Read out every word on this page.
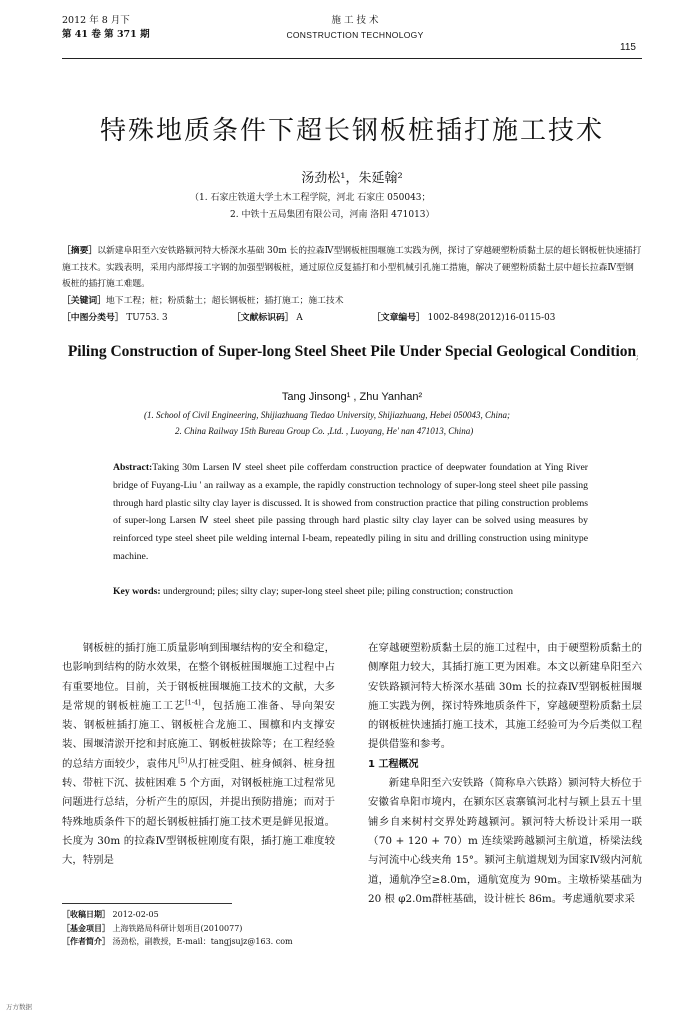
2012 年 8 月下
第 41 卷 第 371 期
施 工 技 术
CONSTRUCTION TECHNOLOGY
115
特殊地质条件下超长钢板桩插打施工技术
汤劲松¹，朱延翰²
（1. 石家庄铁道大学土木工程学院，河北 石家庄 050043；
2. 中铁十五局集团有限公司，河南 洛阳 471013）
［摘要］以新建阜阳至六安铁路颍河特大桥深水基础 30m 长的拉森Ⅳ型钢板桩围堰施工实践为例，探讨了穿越硬塑粉质黏土层的超长钢板桩快速插打施工技术。实践表明，采用内部焊接工字钢的加强型钢板桩，通过原位反复插打和小型机械引孔施工措施，解决了硬塑粉质黏土层中超长拉森Ⅳ型钢板桩的插打施工难题。
［关键词］地下工程；桩；粉质黏土；超长钢板桩；插打施工；施工技术
［中图分类号］ TU753. 3	［文献标识码］ A	［文章编号］ 1002-8498(2012)16-0115-03
Piling Construction of Super-long Steel Sheet Pile Under Special Geological Condition ;
Tang Jinsong¹ , Zhu Yanhan²
(1. School of Civil Engineering, Shijiazhuang Tiedao University, Shijiazhuang, Hebei 050043, China;
2. China Railway 15th Bureau Group Co. ,Ltd. , Luoyang, He' nan 471013, China)

Abstract:Taking 30m Larsen Ⅳ steel sheet pile cofferdam construction practice of deepwater foundation at Ying River bridge of Fuyang-Liu ' an railway as a example, the rapidly construction technology of super-long steel sheet pile passing through hard plastic silty clay layer is discussed. It is showed from construction practice that piling construction problems of super-long Larsen Ⅳ steel sheet pile passing through hard plastic silty clay layer can be solved using measures by reinforced type steel sheet pile welding internal I-beam, repeatedly piling in situ and drilling construction using minitype machine.

Key words: underground; piles; silty clay; super-long steel sheet pile; piling construction; construction

钢板桩的插打施工质量影响到围堰结构的安全和稳定，也影响到结构的防水效果，在整个钢板桩围堰施工过程中占有重要地位。目前，关于钢板桩围堰施工技术的文献，大多是常规的钢板桩施工工艺[1-4]，包括施工准备、导向架安装、钢板桩插打施工、钢板桩合龙施工、围檩和内支撑安装、围堰清淤开挖和封底施工、钢板桩拔除等；在工程经验的总结方面较少，袁伟凡[5]从打桩受阻、桩身倾斜、桩身扭转、带桩下沉、拔桩困难 5 个方面，对钢板桩施工过程常见问题进行总结，分析产生的原因，并提出预防措施；而对于特殊地质条件下的超长钢板桩插打施工技术更是鲜见报道。长度为 30m 的拉森Ⅳ型钢板桩刚度有限，插打施工难度较大，特别是

在穿越硬塑粉质黏土层的施工过程中，由于硬塑粉质黏土的侧摩阻力较大，其插打施工更为困难。本文以新建阜阳至六安铁路颍河特大桥深水基础 30m 长的拉森Ⅳ型钢板桩围堰施工实践为例，探讨特殊地质条件下，穿越硬塑粉质黏土层的钢板桩快速插打施工技术，其施工经验可为今后类似工程提供借鉴和参考。

1 工程概况

新建阜阳至六安铁路（简称阜六铁路）颍河特大桥位于安徽省阜阳市境内，在颍东区袁寨镇河北村与颍上县五十里铺乡自来树村交界处跨越颍河。颍河特大桥设计采用一联（70 + 120 + 70）m 连续梁跨越颍河主航道，桥梁法线与河流中心线夹角 15°。颍河主航道规划为国家Ⅳ级内河航道，通航净空≥8.0m，通航宽度为 90m。主墩桥梁基础为 20 根 φ2.0m群桩基础，设计桩长 86m。考虑通航要求采

［收稿日期］ 2012-02-05
［基金项目］ 上海铁路局科研计划项目(2010077)
［作者简介］ 汤劲松，副教授，E-mail：tangjsujz@163. com
万方数据
